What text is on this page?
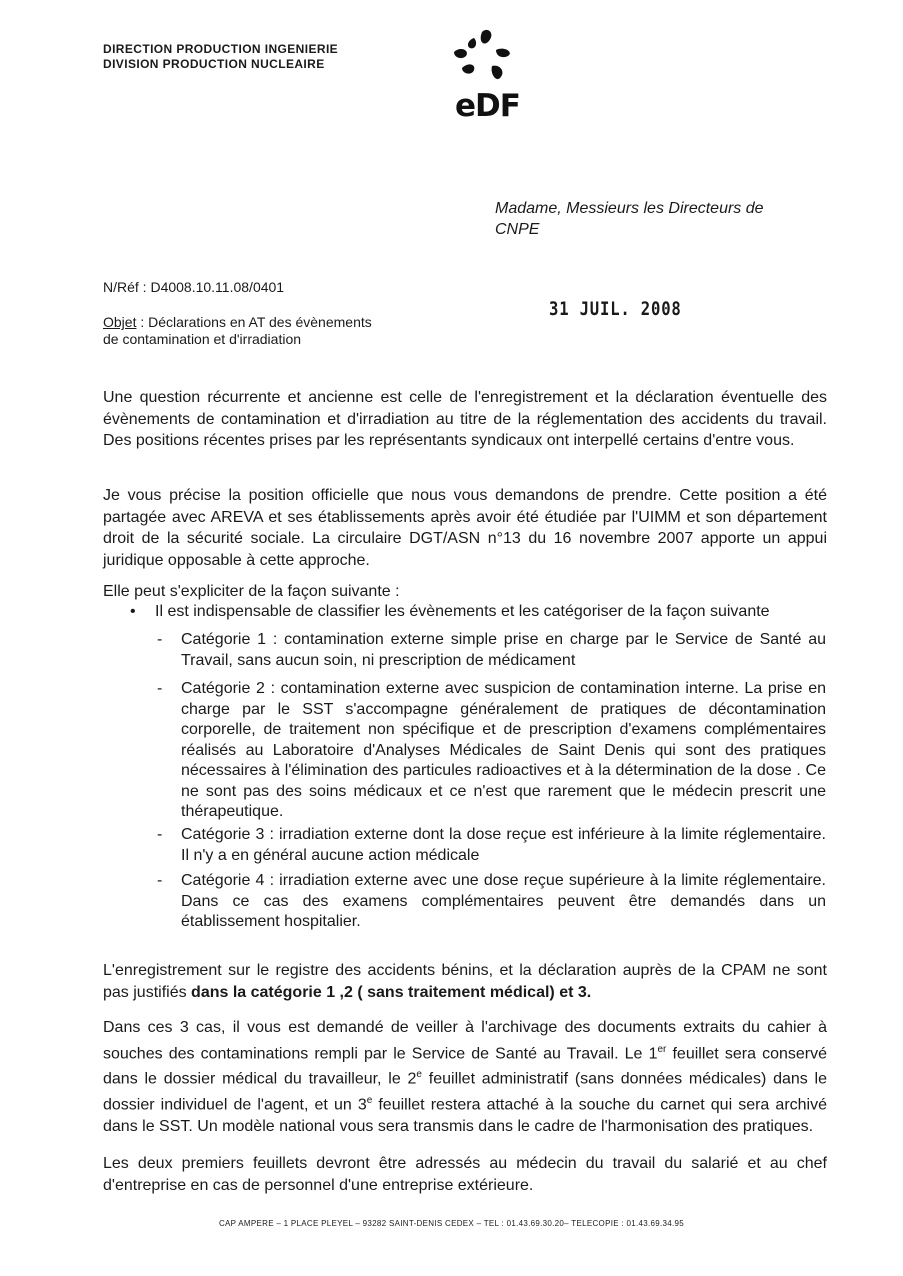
DIRECTION PRODUCTION INGENIERIE
DIVISION PRODUCTION NUCLEAIRE
eDF
Madame, Messieurs les Directeurs de
CNPE
N/Réf : D4008.10.11.08/0401
31 JUIL. 2008
Objet : Déclarations en AT des évènements
de contamination et d'irradiation
Une question récurrente et ancienne est celle de l'enregistrement et la déclaration éventuelle des évènements de contamination et d'irradiation au titre de la réglementation des accidents du travail. Des positions récentes prises par les représentants syndicaux ont interpellé certains d'entre vous.
Je vous précise la position officielle que nous vous demandons de prendre. Cette position a été partagée avec AREVA et ses établissements après avoir été étudiée par l'UIMM et son département droit de la sécurité sociale. La circulaire DGT/ASN n°13 du 16 novembre 2007 apporte un appui juridique opposable à cette approche.
Elle peut s'expliciter de la façon suivante :
• Il est indispensable de classifier les évènements et les catégoriser de la façon suivante
- Catégorie 1 : contamination externe simple prise en charge par le Service de Santé au Travail, sans aucun soin, ni prescription de médicament
- Catégorie 2 : contamination externe avec suspicion de contamination interne. La prise en charge par le SST s'accompagne généralement de pratiques de décontamination corporelle, de traitement non spécifique et de prescription d'examens complémentaires réalisés au Laboratoire d'Analyses Médicales de Saint Denis qui sont des pratiques nécessaires à l'élimination des particules radioactives et à la détermination de la dose . Ce ne sont pas des soins médicaux et ce n'est que rarement que le médecin prescrit une thérapeutique.
- Catégorie 3 : irradiation externe dont la dose reçue est inférieure à la limite réglementaire. Il n'y a en général aucune action médicale
- Catégorie 4 : irradiation externe avec une dose reçue supérieure à la limite réglementaire. Dans ce cas des examens complémentaires peuvent être demandés dans un établissement hospitalier.
L'enregistrement sur le registre des accidents bénins, et la déclaration auprès de la CPAM ne sont pas justifiés dans la catégorie 1 ,2 ( sans traitement médical) et 3.
Dans ces 3 cas, il vous est demandé de veiller à l'archivage des documents extraits du cahier à souches des contaminations rempli par le Service de Santé au Travail. Le 1er feuillet sera conservé dans le dossier médical du travailleur, le 2e feuillet administratif (sans données médicales) dans le dossier individuel de l'agent, et un 3e feuillet restera attaché à la souche du carnet qui sera archivé dans le SST. Un modèle national vous sera transmis dans le cadre de l'harmonisation des pratiques.
Les deux premiers feuillets devront être adressés au médecin du travail du salarié et au chef d'entreprise en cas de personnel d'une entreprise extérieure.
CAP AMPERE – 1 PLACE PLEYEL – 93282 SAINT-DENIS CEDEX – TEL : 01.43.69.30.20– TELECOPIE : 01.43.69.34.95
